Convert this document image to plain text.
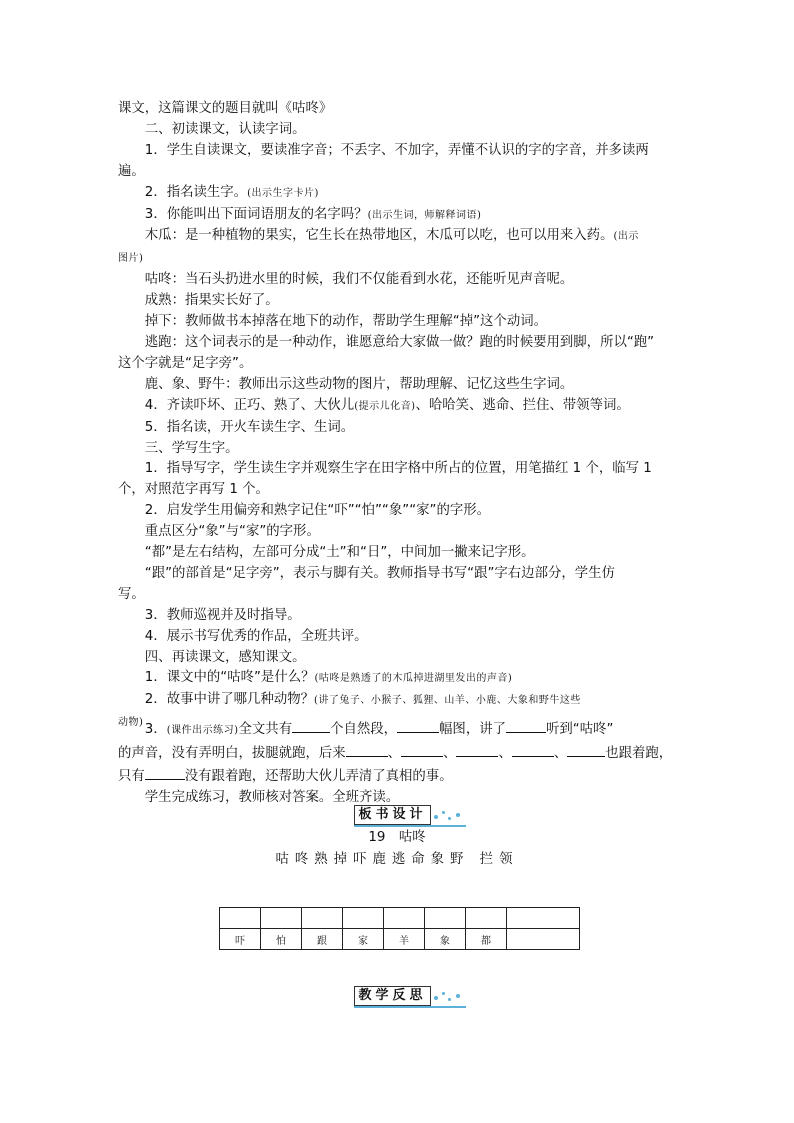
课文，这篇课文的题目就叫《咕咚》

二、初读课文，认读字词。

1．学生自读课文，要读准字音；不丢字、不加字，弄懂不认识的字的字音，并多读两

遍。

2．指名读生字。(出示生字卡片)

3．你能叫出下面词语朋友的名字吗？(出示生词，师解释词语)

木瓜：是一种植物的果实，它生长在热带地区，木瓜可以吃，也可以用来入药。(出示

图片)

咕咚：当石头扔进水里的时候，我们不仅能看到水花，还能听见声音呢。

成熟：指果实长好了。

掉下：教师做书本掉落在地下的动作，帮助学生理解“掉”这个动词。

逃跑：这个词表示的是一种动作，谁愿意给大家做一做？跑的时候要用到脚，所以“跑”

这个字就是“足字旁”。

鹿、象、野牛：教师出示这些动物的图片，帮助理解、记忆这些生字词。

4．齐读吓坏、正巧、熟了、大伙儿(提示儿化音)、哈哈笑、逃命、拦住、带领等词。

5．指名读，开火车读生字、生词。

三、学写生字。

1．指导写字，学生读生字并观察生字在田字格中所占的位置，用笔描红 1 个，临写 1

个，对照范字再写 1 个。

2．启发学生用偏旁和熟字记住“吓”“怕”“象”“家”的字形。

重点区分“象”与“家”的字形。

“都”是左右结构，左部可分成“土”和“日”，中间加一撇来记字形。

“跟”的部首是“足字旁”，表示与脚有关。教师指导书写“跟”字右边部分，学生仿

写。

3．教师巡视并及时指导。

4．展示书写优秀的作品，全班共评。

四、再读课文，感知课文。

1．课文中的“咕咚”是什么？(咕咚是熟透了的木瓜掉进湖里发出的声音)

2．故事中讲了哪几种动物？(讲了兔子、小猴子、狐狸、山羊、小鹿、大象和野牛这些

动物) 3．(课件出示练习)全文共有	个自然段，	幅图，讲了	听到“咕咚”

的声音，没有弄明白，拔腿就跑，后来	、	、	、	、	也跟着跑，

只有	没有跟着跑，还帮助大伙儿弄清了真相的事。

学生完成练习，教师核对答案。全班齐读。

板书设计
19　咕咚
咕咚熟掉吓鹿逃命象野 拦领

吓	怕	跟	家	羊	象	都	
教学反思
